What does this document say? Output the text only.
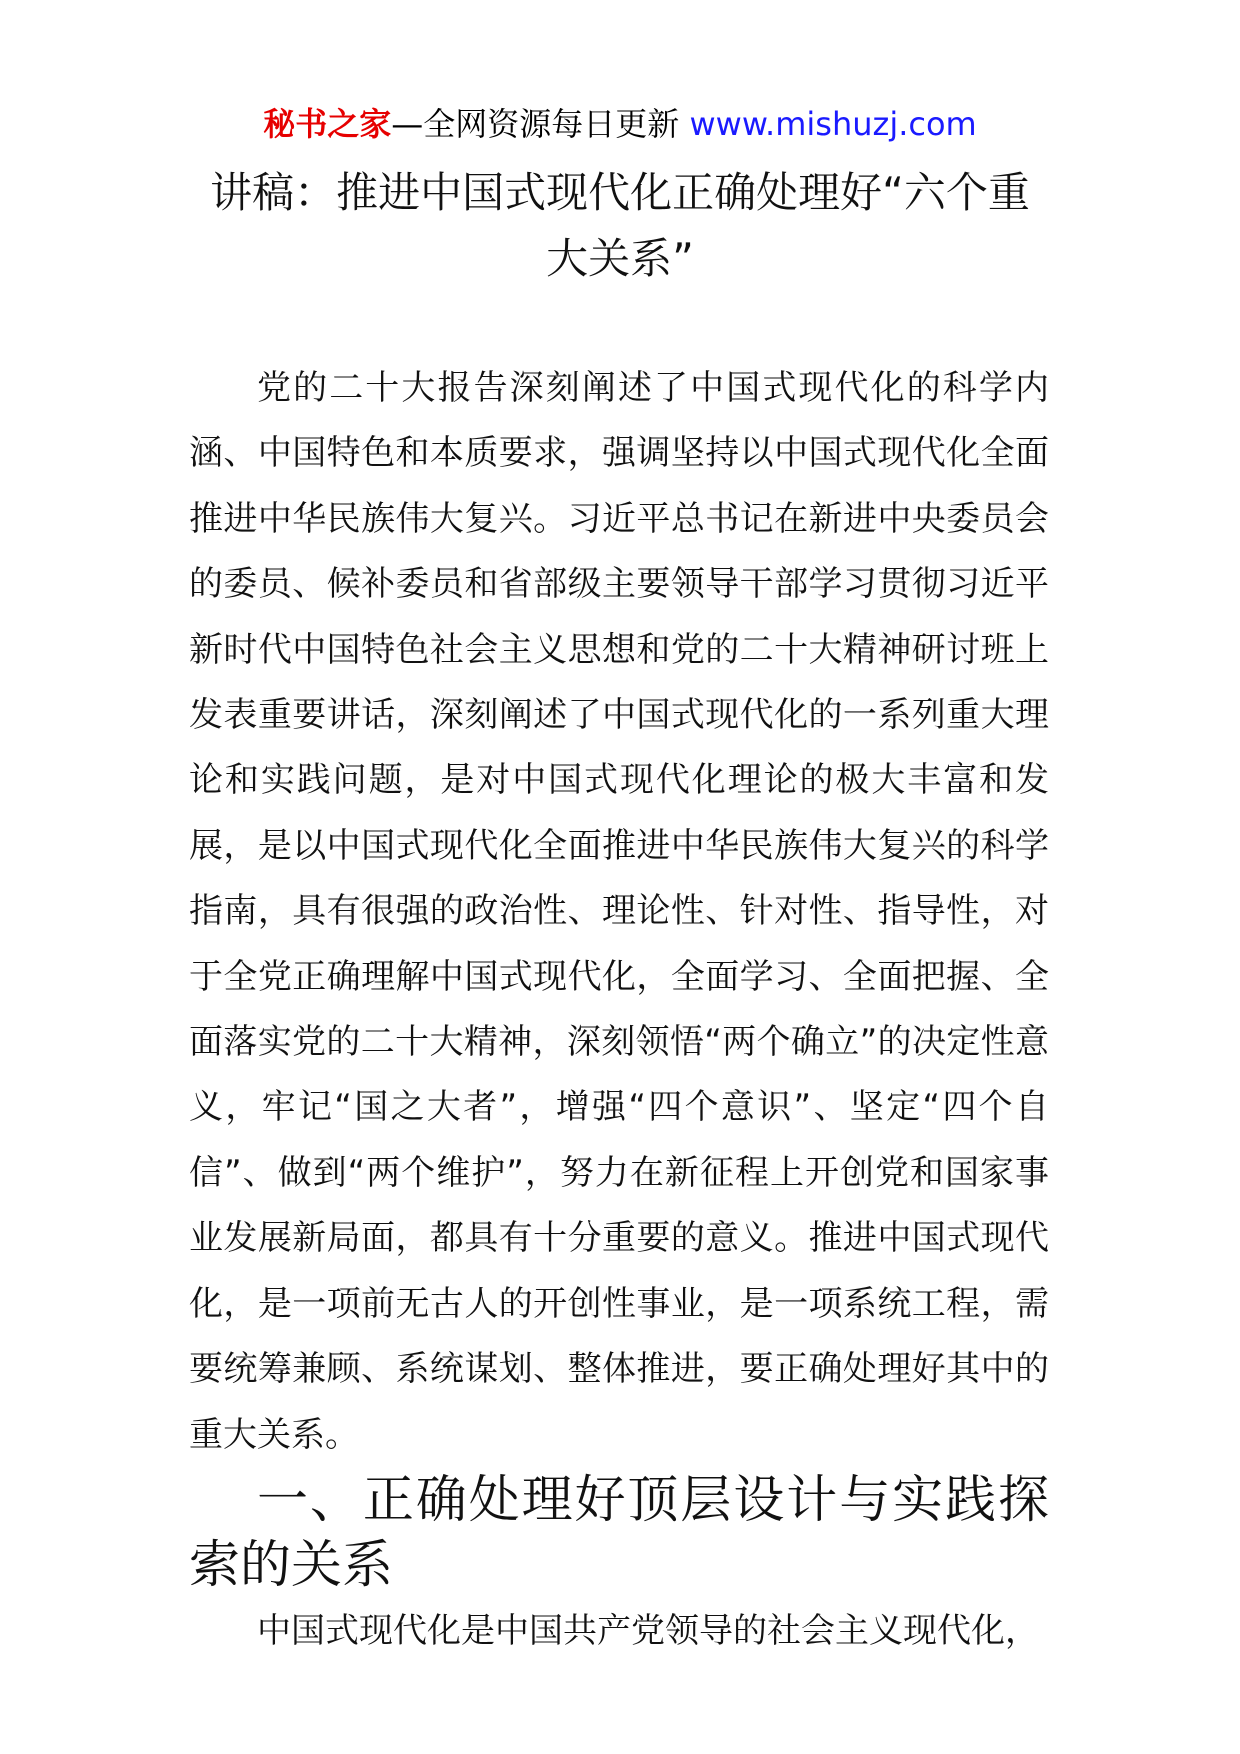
秘书之家—全网资源每日更新 www.mishuzj.com
讲稿：推进中国式现代化正确处理好“六个重大关系”

党的二十大报告深刻阐述了中国式现代化的科学内涵、中国特色和本质要求，强调坚持以中国式现代化全面推进中华民族伟大复兴。习近平总书记在新进中央委员会的委员、候补委员和省部级主要领导干部学习贯彻习近平新时代中国特色社会主义思想和党的二十大精神研讨班上发表重要讲话，深刻阐述了中国式现代化的一系列重大理论和实践问题，是对中国式现代化理论的极大丰富和发展，是以中国式现代化全面推进中华民族伟大复兴的科学指南，具有很强的政治性、理论性、针对性、指导性，对于全党正确理解中国式现代化，全面学习、全面把握、全面落实党的二十大精神，深刻领悟“两个确立”的决定性意义，牢记“国之大者”，增强“四个意识”、坚定“四个自信”、做到“两个维护”，努力在新征程上开创党和国家事业发展新局面，都具有十分重要的意义。推进中国式现代化，是一项前无古人的开创性事业，是一项系统工程，需要统筹兼顾、系统谋划、整体推进，要正确处理好其中的重大关系。

一、正确处理好顶层设计与实践探索的关系

中国式现代化是中国共产党领导的社会主义现代化，
